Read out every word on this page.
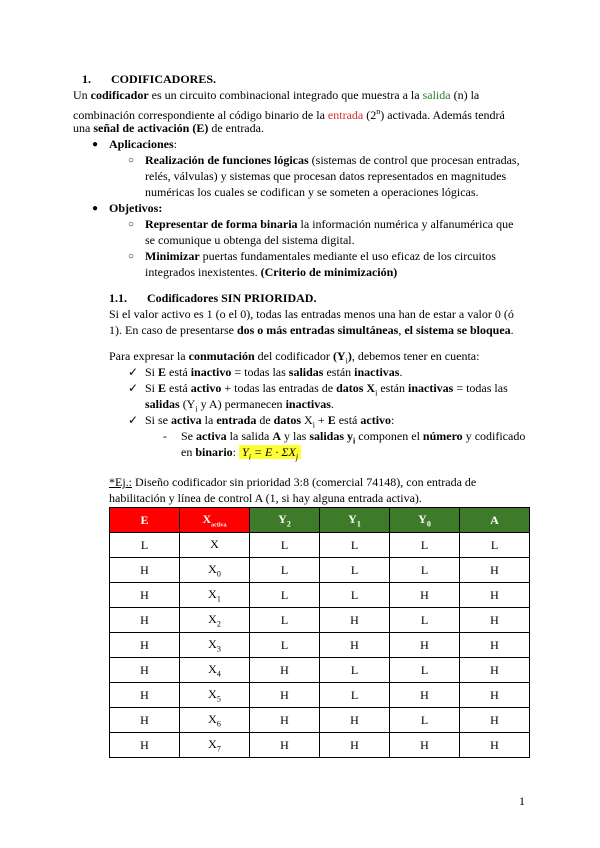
1. CODIFICADORES.
Un codificador es un circuito combinacional integrado que muestra a la salida (n) la
combinación correspondiente al código binario de la entrada (2$^n$) activada. Además tendrá
una señal de activación (E) de entrada.
● Aplicaciones:
○ Realización de funciones lógicas (sistemas de control que procesan entradas,
relés, válvulas) y sistemas que procesan datos representados en magnitudes
numéricas los cuales se codifican y se someten a operaciones lógicas.
● Objetivos:
○ Representar de forma binaria la información numérica y alfanumérica que
se comunique u obtenga del sistema digital.
○ Minimizar puertas fundamentales mediante el uso eficaz de los circuitos
integrados inexistentes. (Criterio de minimización)
1.1. Codificadores SIN PRIORIDAD.
Si el valor activo es 1 (o el 0), todas las entradas menos una han de estar a valor 0 (ó
1). En caso de presentarse dos o más entradas simultáneas, el sistema se bloquea.
Para expresar la conmutación del codificador $(Y_i)$, debemos tener en cuenta:
✓ Si E está inactivo = todas las salidas están inactivas.
✓ Si E está activo + todas las entradas de datos $X_i$ están inactivas = todas las
salidas ($Y_i$ y A) permanecen inactivas.
✓ Si se activa la entrada de datos $X_i + E$ está activo:
- Se activa la salida A y las salidas $y_i$ componen el número y codificado
en binario: $Y_i = E \cdot \Sigma X_j$
*Ej.: Diseño codificador sin prioridad 3:8 (comercial 74148), con entrada de
habilitación y línea de control A (1, si hay alguna entrada activa).
E	$X_{activa}$	$Y_2$	$Y_1$	$Y_0$	A
L	X	L	L	L	L
H	$X_0$	L	L	L	H
H	$X_1$	L	L	H	H
H	$X_2$	L	H	L	H
H	$X_3$	L	H	H	H
H	$X_4$	H	L	L	H
H	$X_5$	H	L	H	H
H	$X_6$	H	H	L	H
H	$X_7$	H	H	H	H
1
